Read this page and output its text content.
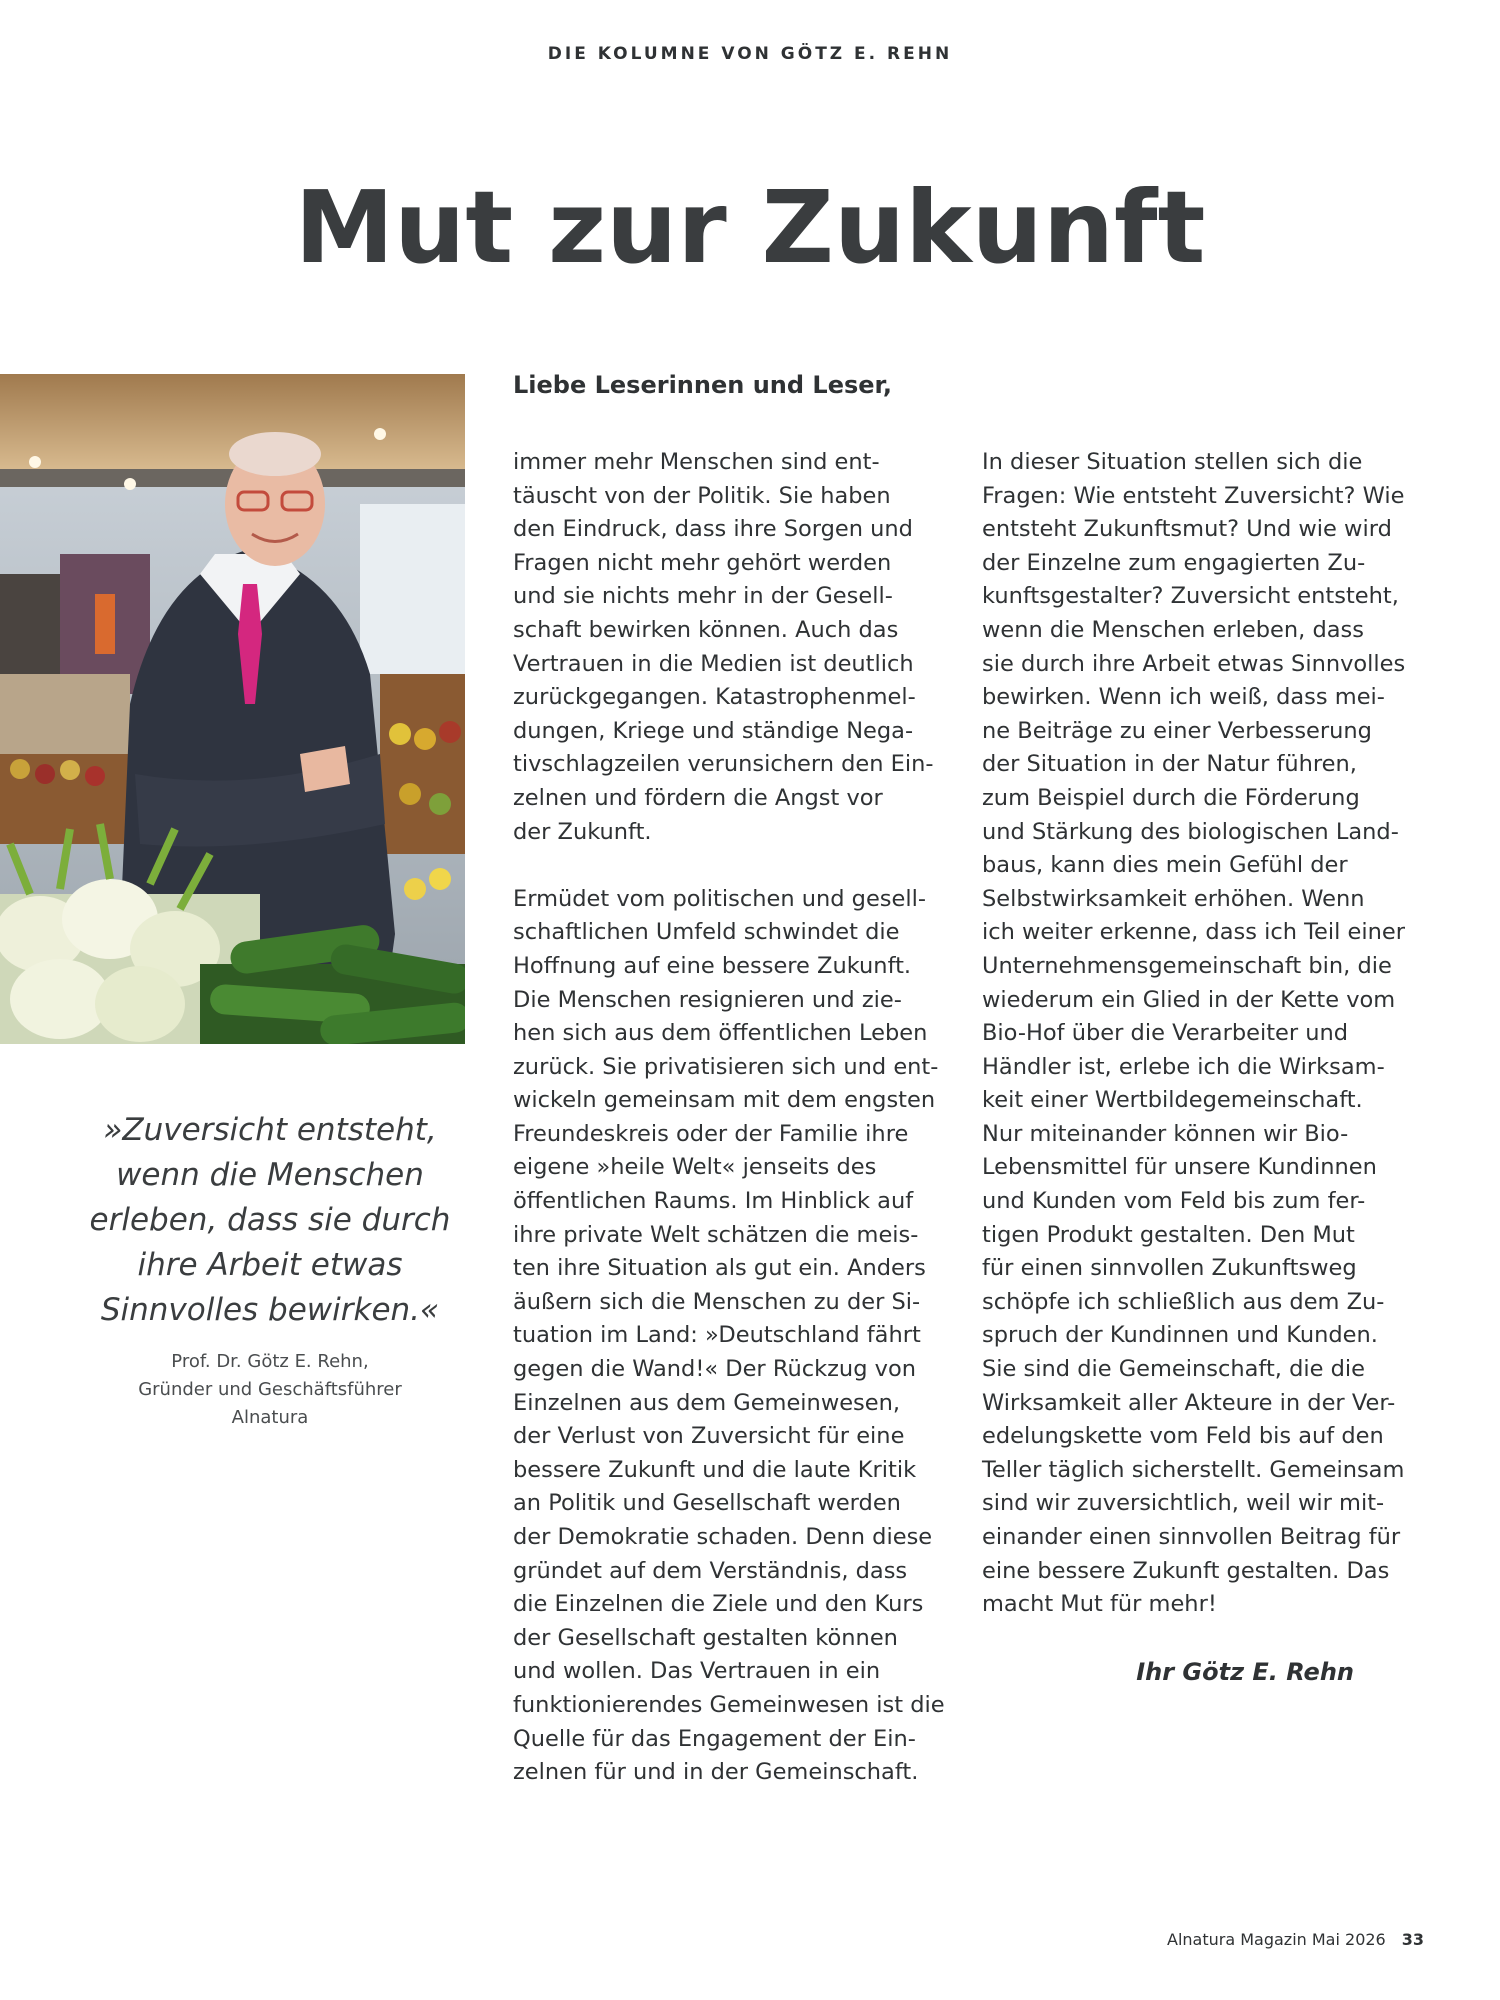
DIE KOLUMNE VON GÖTZ E. REHN
Mut zur Zukunft
»Zuversicht entsteht,
wenn die Menschen
erleben, dass sie durch
ihre Arbeit etwas
Sinnvolles bewirken.«
Prof. Dr. Götz E. Rehn,
Gründer und Geschäftsführer
Alnatura
Liebe Leserinnen und Leser,
immer mehr Menschen sind ent-
täuscht von der Politik. Sie haben
den Eindruck, dass ihre Sorgen und
Fragen nicht mehr gehört werden
und sie nichts mehr in der Gesell-
schaft bewirken können. Auch das
Vertrauen in die Medien ist deutlich
zurückgegangen. Katastrophenmel-
dungen, Kriege und ständige Nega-
tivschlagzeilen verunsichern den Ein-
zelnen und fördern die Angst vor
der Zukunft.
Ermüdet vom politischen und gesell-
schaftlichen Umfeld schwindet die
Hoffnung auf eine bessere Zukunft.
Die Menschen resignieren und zie-
hen sich aus dem öffentlichen Leben
zurück. Sie privatisieren sich und ent-
wickeln gemeinsam mit dem engsten
Freundeskreis oder der Familie ihre
eigene »heile Welt« jenseits des
öffentlichen Raums. Im Hinblick auf
ihre private Welt schätzen die meis-
ten ihre Situation als gut ein. Anders
äußern sich die Menschen zu der Si-
tuation im Land: »Deutschland fährt
gegen die Wand!« Der Rückzug von
Einzelnen aus dem Gemeinwesen,
der Verlust von Zuversicht für eine
bessere Zukunft und die laute Kritik
an Politik und Gesellschaft werden
der Demokratie schaden. Denn diese
gründet auf dem Verständnis, dass
die Einzelnen die Ziele und den Kurs
der Gesellschaft gestalten können
und wollen. Das Vertrauen in ein
funktionierendes Gemeinwesen ist die
Quelle für das Engagement der Ein-
zelnen für und in der Gemeinschaft.
In dieser Situation stellen sich die
Fragen: Wie entsteht Zuversicht? Wie
entsteht Zukunftsmut? Und wie wird
der Einzelne zum engagierten Zu-
kunftsgestalter? Zuversicht entsteht,
wenn die Menschen erleben, dass
sie durch ihre Arbeit etwas Sinnvolles
bewirken. Wenn ich weiß, dass mei-
ne Beiträge zu einer Verbesserung
der Situation in der Natur führen,
zum Beispiel durch die Förderung
und Stärkung des biologischen Land-
baus, kann dies mein Gefühl der
Selbstwirksamkeit erhöhen. Wenn
ich weiter erkenne, dass ich Teil einer
Unternehmensgemeinschaft bin, die
wiederum ein Glied in der Kette vom
Bio-Hof über die Verarbeiter und
Händler ist, erlebe ich die Wirksam-
keit einer Wertbildegemeinschaft.
Nur miteinander können wir Bio-
Lebensmittel für unsere Kundinnen
und Kunden vom Feld bis zum fer-
tigen Produkt gestalten. Den Mut
für einen sinnvollen Zukunftsweg
schöpfe ich schließlich aus dem Zu-
spruch der Kundinnen und Kunden.
Sie sind die Gemeinschaft, die die
Wirksamkeit aller Akteure in der Ver-
edelungskette vom Feld bis auf den
Teller täglich sicherstellt. Gemeinsam
sind wir zuversichtlich, weil wir mit-
einander einen sinnvollen Beitrag für
eine bessere Zukunft gestalten. Das
macht Mut für mehr!
Ihr Götz E. Rehn
Alnatura Magazin Mai 2026 33
